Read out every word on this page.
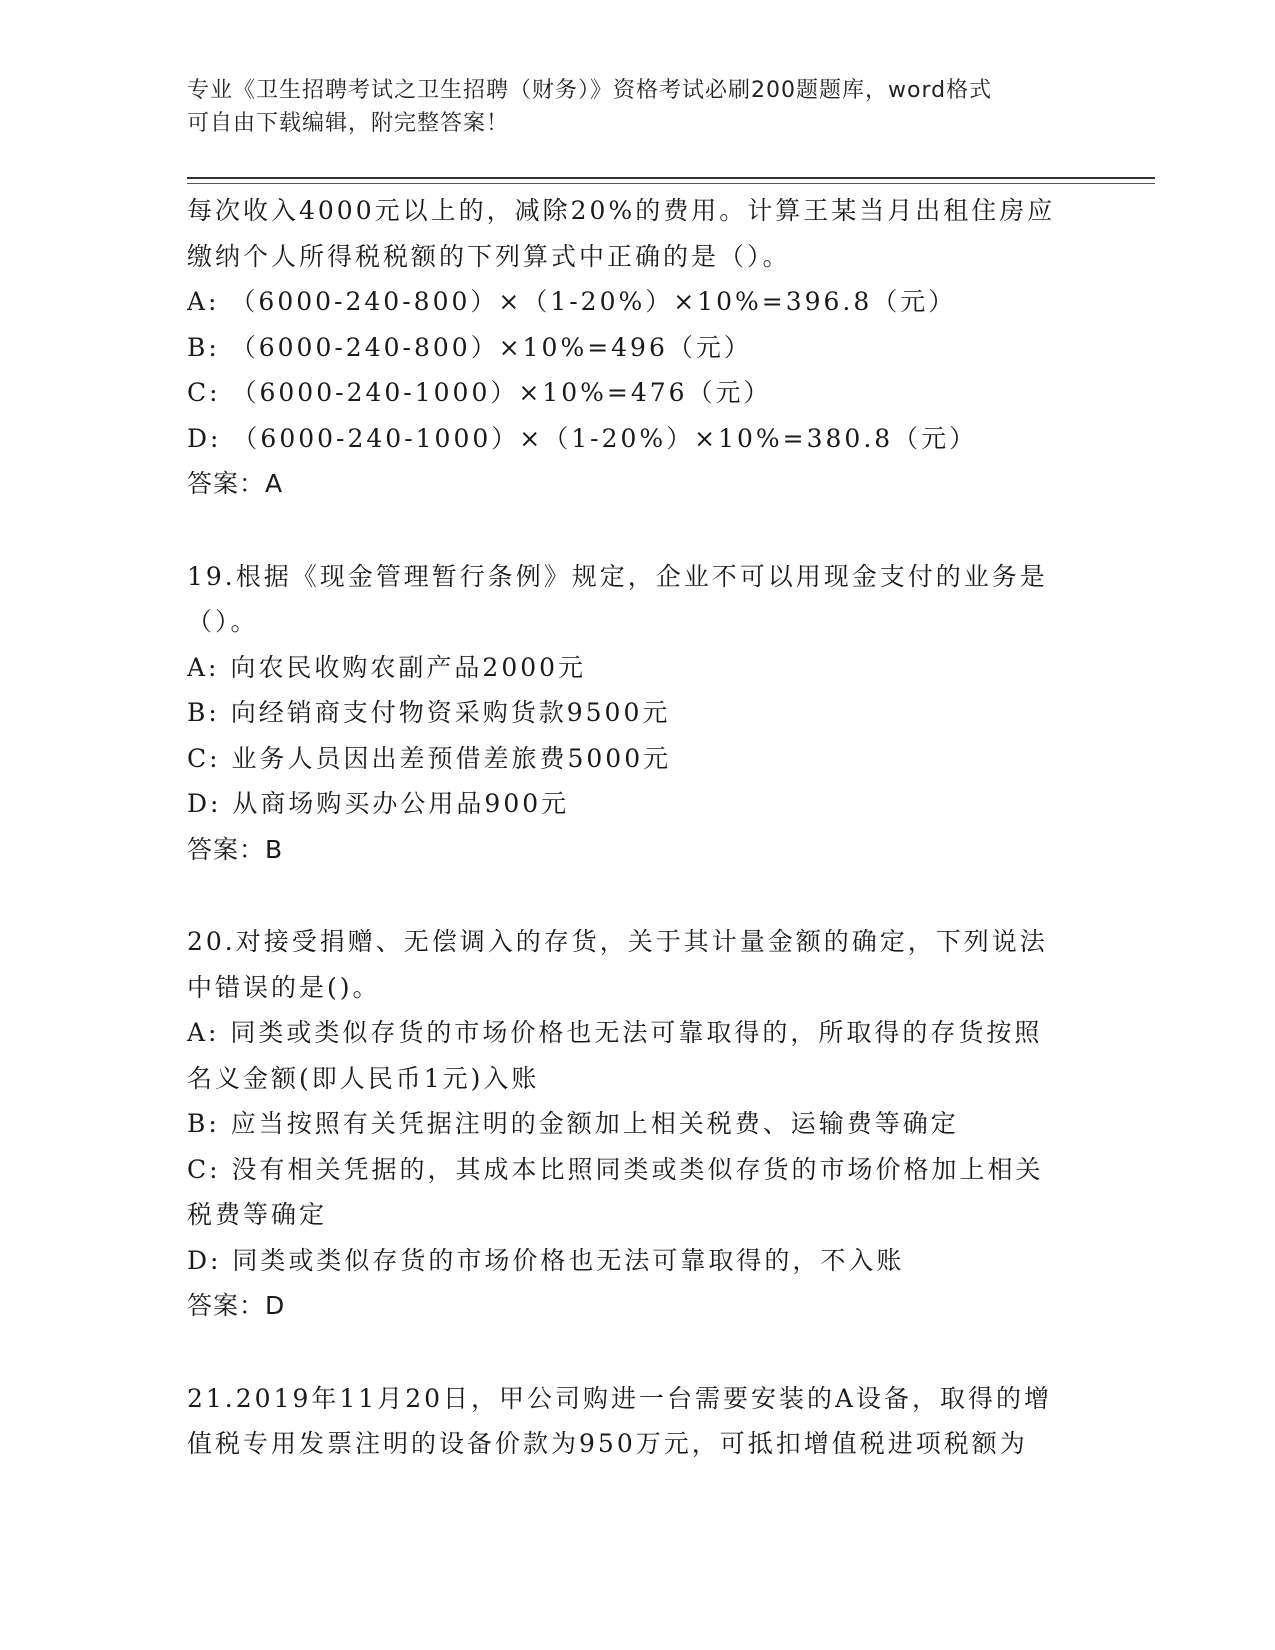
专业《卫生招聘考试之卫生招聘（财务）》资格考试必刷200题题库，word格式
可自由下载编辑，附完整答案！
每次收入4000元以上的，减除20%的费用。计算王某当月出租住房应
缴纳个人所得税税额的下列算式中正确的是（）。
A: （6000-240-800）×（1-20%）×10%=396.8（元）
B: （6000-240-800）×10%=496（元）
C: （6000-240-1000）×10%=476（元）
D: （6000-240-1000）×（1-20%）×10%=380.8（元）
答案：A
19.根据《现金管理暂行条例》规定，企业不可以用现金支付的业务是
（）。
A: 向农民收购农副产品2000元
B: 向经销商支付物资采购货款9500元
C: 业务人员因出差预借差旅费5000元
D: 从商场购买办公用品900元
答案：B
20.对接受捐赠、无偿调入的存货，关于其计量金额的确定，下列说法
中错误的是()。
A: 同类或类似存货的市场价格也无法可靠取得的，所取得的存货按照
名义金额(即人民币1元)入账
B: 应当按照有关凭据注明的金额加上相关税费、运输费等确定
C: 没有相关凭据的，其成本比照同类或类似存货的市场价格加上相关
税费等确定
D: 同类或类似存货的市场价格也无法可靠取得的，不入账
答案：D
21.2019年11月20日，甲公司购进一台需要安装的A设备，取得的增
值税专用发票注明的设备价款为950万元，可抵扣增值税进项税额为
